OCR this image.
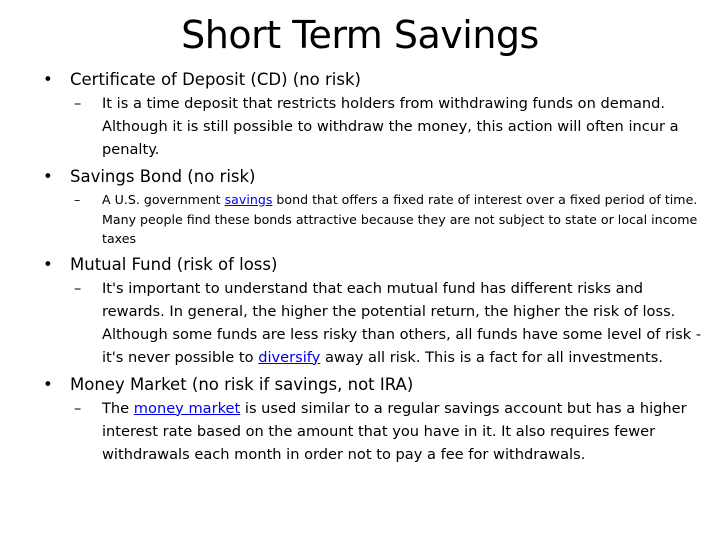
Short Term Savings
• Certificate of Deposit (CD) (no risk)
– It is a time deposit that restricts holders from withdrawing funds on demand. Although it is still possible to withdraw the money, this action will often incur a penalty.
• Savings Bond (no risk)
– A U.S. government savings bond that offers a fixed rate of interest over a fixed period of time. Many people find these bonds attractive because they are not subject to state or local income taxes
• Mutual Fund (risk of loss)
– It's important to understand that each mutual fund has different risks and rewards. In general, the higher the potential return, the higher the risk of loss. Although some funds are less risky than others, all funds have some level of risk - it's never possible to diversify away all risk. This is a fact for all investments.
• Money Market (no risk if savings, not IRA)
– The money market is used similar to a regular savings account but has a higher interest rate based on the amount that you have in it. It also requires fewer withdrawals each month in order not to pay a fee for withdrawals.
